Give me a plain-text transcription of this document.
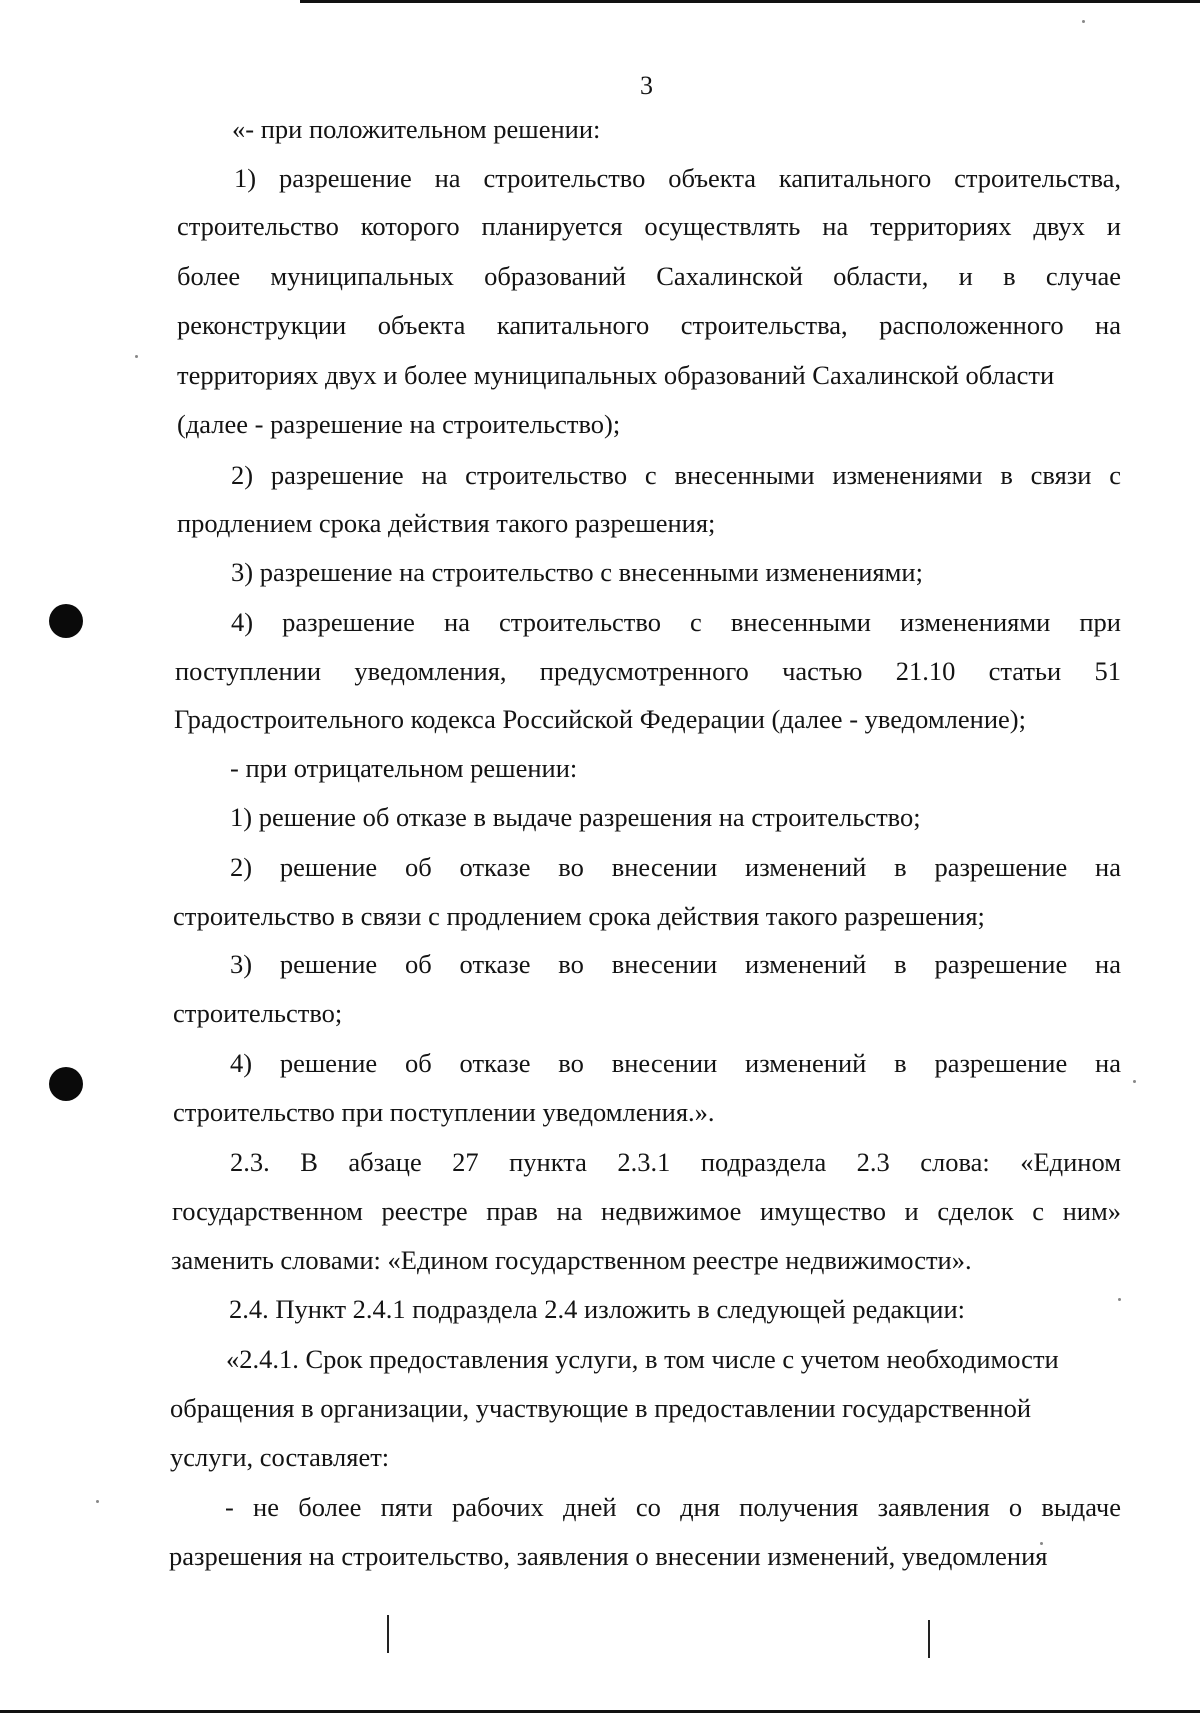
3

«- при положительном решении:

1) разрешение на строительство объекта капитального строительства,

строительство которого планируется осуществлять на территориях двух и

более муниципальных образований Сахалинской области, и в случае

реконструкции объекта капитального строительства, расположенного на

территориях двух и более муниципальных образований Сахалинской области

(далее - разрешение на строительство);

2) разрешение на строительство с внесенными изменениями в связи с

продлением срока действия такого разрешения;

3) разрешение на строительство с внесенными изменениями;

4) разрешение на строительство с внесенными изменениями при

поступлении уведомления, предусмотренного частью 21.10 статьи 51

Градостроительного кодекса Российской Федерации (далее - уведомление);

- при отрицательном решении:

1) решение об отказе в выдаче разрешения на строительство;

2) решение об отказе во внесении изменений в разрешение на

строительство в связи с продлением срока действия такого разрешения;

3) решение об отказе во внесении изменений в разрешение на

строительство;

4) решение об отказе во внесении изменений в разрешение на

строительство при поступлении уведомления.».

2.3. В абзаце 27 пункта 2.3.1 подраздела 2.3 слова: «Едином

государственном реестре прав на недвижимое имущество и сделок с ним»

заменить словами: «Едином государственном реестре недвижимости».

2.4. Пункт 2.4.1 подраздела 2.4 изложить в следующей редакции:

«2.4.1. Срок предоставления услуги, в том числе с учетом необходимости

обращения в организации, участвующие в предоставлении государственной

услуги, составляет:

- не более пяти рабочих дней со дня получения заявления о выдаче

разрешения на строительство, заявления о внесении изменений, уведомления
